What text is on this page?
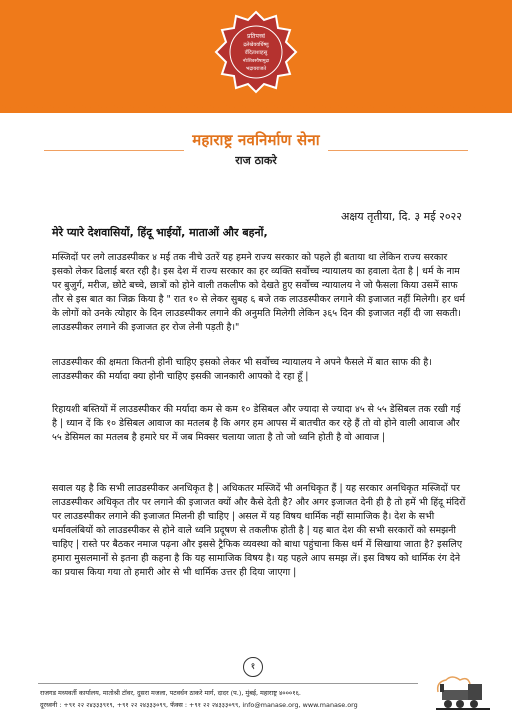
प्रतिपच्चं
द्रलेखेववर्धिष्णु
र्वंदिताशाहसु
नोःशिवस्यैषामुद्रा
भद्रायराजते
महाराष्ट्र नवनिर्माण सेना
राज ठाकरे
अक्षय तृतीया, दि. ३ मई २०२२
मेरे प्यारे देशवासियों, हिंदू भाईयों, माताओं और बहनों,
मस्जिदों पर लगे लाउडस्पीकर ४ मई तक नीचे उतरें यह हमने राज्य सरकार को पहले ही बताया था लेकिन राज्य सरकार इसको लेकर ढिलाई बरत रही है। इस देश में राज्य सरकार का हर व्यक्ति सर्वोच्च न्यायालय का हवाला देता है | धर्म के नाम पर बुजुर्ग, मरीज, छोटे बच्चे, छात्रों को होने वाली तकलीफ को देखते हुए सर्वोच्च न्यायालय ने जो फैसला किया उसमें साफ तौर से इस बात का जिक्र किया है " रात १० से लेकर सुबह ६ बजे तक लाउडस्पीकर लगाने की इजाजत नहीं मिलेगी। हर धर्म के लोगों को उनके त्योहार के दिन लाउडस्पीकर लगाने की अनुमति मिलेगी लेकिन ३६५ दिन की इजाजत नहीं दी जा सकती। लाउडस्पीकर लगाने की इजाजत हर रोज लेनी पड़ती है।"
लाउडस्पीकर की क्षमता कितनी होनी चाहिए इसको लेकर भी सर्वोच्च न्यायालय ने अपने फैसले में बात साफ की है। लाउडस्पीकर की मर्यादा क्या होनी चाहिए इसकी जानकारी आपको दे रहा हूँ |
रिहायशी बस्तियों में लाउडस्पीकर की मर्यादा कम से कम १० डेसिबल और ज्यादा से ज्यादा ४५ से ५५ डेसिबल तक रखी गई है | ध्यान दें कि १० डेसिबल आवाज का मतलब है कि अगर हम आपस में बातचीत कर रहे हैं तो वो होने वाली आवाज और ५५ डेसिमल का मतलब है हमारे घर में जब मिक्सर चलाया जाता है तो जो ध्वनि होती है वो आवाज |
सवाल यह है कि सभी लाउडस्पीकर अनधिकृत है | अधिकतर मस्जिदें भी अनधिकृत हैं | यह सरकार अनधिकृत मस्जिदों पर लाउडस्पीकर अधिकृत तौर पर लगाने की इजाजत क्यों और कैसे देती है? और अगर इजाजत देनी ही है तो हमें भी हिंदू मंदिरों पर लाउडस्पीकर लगाने की इजाजत मिलनी ही चाहिए | असल में यह विषय धार्मिक नहीं सामाजिक है। देश के सभी धर्मावलंबियों को लाउडस्पीकर से होने वाले ध्वनि प्रदूषण से तकलीफ होती है | यह बात देश की सभी सरकारों को समझनी चाहिए | रास्ते पर बैठकर नमाज पढ़ना और इससे ट्रैफिक व्यवस्था को बाधा पहुंचाना किस धर्म में सिखाया जाता है? इसलिए हमारा मुसलमानों से इतना ही कहना है कि यह सामाजिक विषय है। यह पहले आप समझ लें। इस विषय को धार्मिक रंग देने का प्रयास किया गया तो हमारी ओर से भी धार्मिक उत्तर ही दिया जाएगा |
१
राजगड मध्यवर्ती कार्यालय, मातोश्री टॉवर, दुसरा मजला, पटवर्धन ठाकरे मार्ग, दादर (प.), मुंबई, महाराष्ट्र ४०००१६.
दूरध्वनी : +९१ २२ २४३३३९१९, +९१ २२ २४३३३०९९, फॅक्स : +९१ २२ २४३३३०९९, info@manase.org, www.manase.org
